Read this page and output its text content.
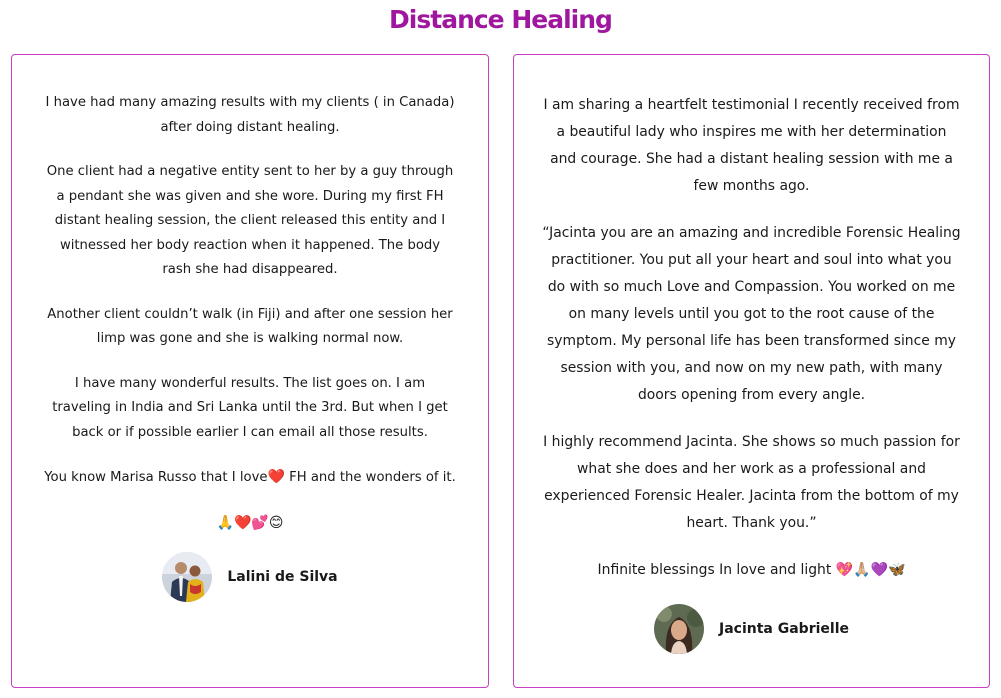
Distance Healing

I have had many amazing results with my clients ( in Canada) after doing distant healing.

One client had a negative entity sent to her by a guy through a pendant she was given and she wore. During my first FH distant healing session, the client released this entity and I witnessed her body reaction when it happened. The body rash she had disappeared.

Another client couldn’t walk (in Fiji) and after one session her limp was gone and she is walking normal now.

I have many wonderful results. The list goes on. I am traveling in India and Sri Lanka until the 3rd. But when I get back or if possible earlier I can email all those results.

You know Marisa Russo that I love❤️ FH and the wonders of it.

🙏❤️💕😊

Lalini de Silva

I am sharing a heartfelt testimonial I recently received from a beautiful lady who inspires me with her determination and courage. She had a distant healing session with me a few months ago.

“Jacinta you are an amazing and incredible Forensic Healing practitioner. You put all your heart and soul into what you do with so much Love and Compassion. You worked on me on many levels until you got to the root cause of the symptom. My personal life has been transformed since my session with you, and now on my new path, with many doors opening from every angle.

I highly recommend Jacinta. She shows so much passion for what she does and her work as a professional and experienced Forensic Healer. Jacinta from the bottom of my heart. Thank you.”

Infinite blessings In love and light 💖🙏🏼💜🦋

Jacinta Gabrielle
